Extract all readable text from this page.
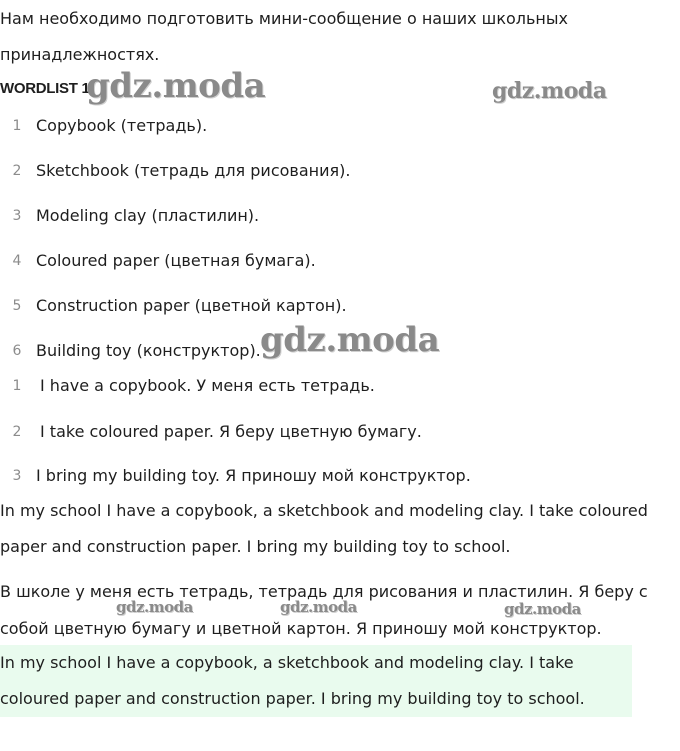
Нам необходимо подготовить мини-сообщение о наших школьных
принадлежностях.
WORDLIST 1
1 Copybook (тетрадь).
2 Sketchbook (тетрадь для рисования).
3 Modeling clay (пластилин).
4 Coloured paper (цветная бумага).
5 Construction paper (цветной картон).
6 Building toy (конструктор).
1 I have a copybook. У меня есть тетрадь.
2 I take coloured paper. Я беру цветную бумагу.
3 I bring my building toy. Я приношу мой конструктор.
In my school I have a copybook, a sketchbook and modeling clay. I take coloured
paper and construction paper. I bring my building toy to school.
В школе у меня есть тетрадь, тетрадь для рисования и пластилин. Я беру с
собой цветную бумагу и цветной картон. Я приношу мой конструктор.
In my school I have a copybook, a sketchbook and modeling clay. I take
coloured paper and construction paper. I bring my building toy to school.
gdz.moda	gdz.moda
gdz.moda
gdz.moda	gdz.moda	gdz.moda
